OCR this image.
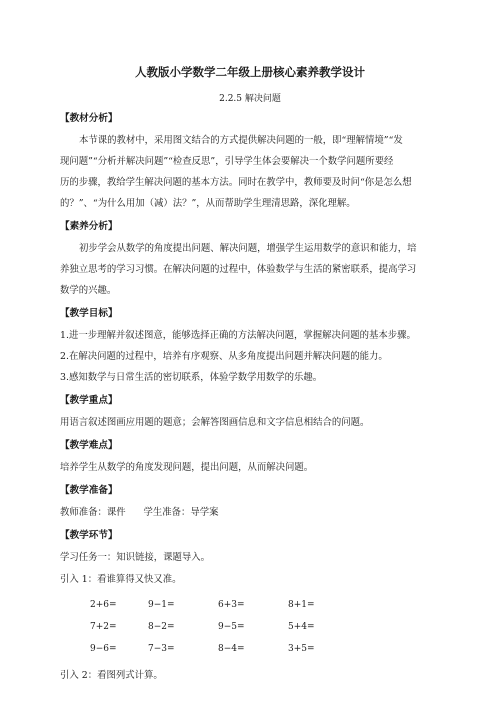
人教版小学数学二年级上册核心素养教学设计
2.2.5 解决问题
【教材分析】
本节课的教材中，采用图文结合的方式提供解决问题的一般，即“理解情境”“发
现问题”“分析并解决问题”“检查反思”，引导学生体会要解决一个数学问题所要经
历的步骤，教给学生解决问题的基本方法。同时在教学中，教师要及时问“你是怎么想
的？”、“为什么用加（减）法？”，从而帮助学生理清思路，深化理解。
【素养分析】
初步学会从数学的角度提出问题、解决问题，增强学生运用数学的意识和能力，培
养独立思考的学习习惯。在解决问题的过程中，体验数学与生活的紧密联系，提高学习
数学的兴趣。
【教学目标】
1.进一步理解并叙述图意，能够选择正确的方法解决问题，掌握解决问题的基本步骤。
2.在解决问题的过程中，培养有序观察、从多角度提出问题并解决问题的能力。
3.感知数学与日常生活的密切联系，体验学数学用数学的乐趣。
【教学重点】
用语言叙述图画应用题的题意；会解答图画信息和文字信息相结合的问题。
【教学难点】
培养学生从数学的角度发现问题，提出问题，从而解决问题。
【教学准备】
教师准备：课件      学生准备：导学案
【教学环节】
学习任务一：知识链接，课题导入。
引入 1：看谁算得又快又准。
2+6=	9−1=	6+3=	8+1=
7+2=	8−2=	9−5=	5+4=
9−6=	7−3=	8−4=	3+5=
引入 2：看图列式计算。
